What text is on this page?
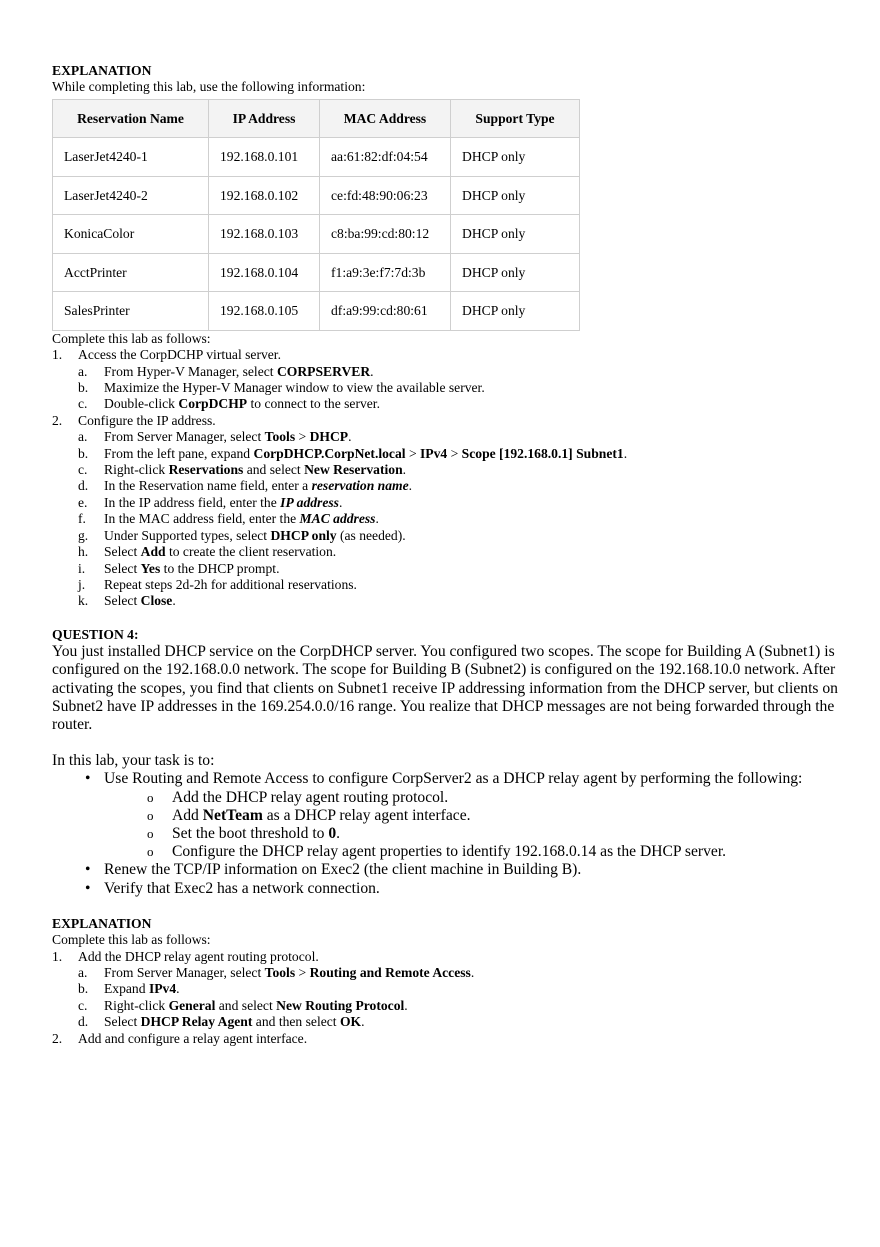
EXPLANATION
While completing this lab, use the following information:
Reservation Name	IP Address	MAC Address	Support Type
LaserJet4240-1	192.168.0.101	aa:61:82:df:04:54	DHCP only
LaserJet4240-2	192.168.0.102	ce:fd:48:90:06:23	DHCP only
KonicaColor	192.168.0.103	c8:ba:99:cd:80:12	DHCP only
AcctPrinter	192.168.0.104	f1:a9:3e:f7:7d:3b	DHCP only
SalesPrinter	192.168.0.105	df:a9:99:cd:80:61	DHCP only
Complete this lab as follows:
1. Access the CorpDCHP virtual server.
a. From Hyper-V Manager, select CORPSERVER.
b. Maximize the Hyper-V Manager window to view the available server.
c. Double-click CorpDCHP to connect to the server.
2. Configure the IP address.
a. From Server Manager, select Tools > DHCP.
b. From the left pane, expand CorpDHCP.CorpNet.local > IPv4 > Scope [192.168.0.1] Subnet1.
c. Right-click Reservations and select New Reservation.
d. In the Reservation name field, enter a reservation name.
e. In the IP address field, enter the IP address.
f. In the MAC address field, enter the MAC address.
g. Under Supported types, select DHCP only (as needed).
h. Select Add to create the client reservation.
i. Select Yes to the DHCP prompt.
j. Repeat steps 2d-2h for additional reservations.
k. Select Close.
QUESTION 4:
You just installed DHCP service on the CorpDHCP server. You configured two scopes. The scope for Building A (Subnet1) is configured on the 192.168.0.0 network. The scope for Building B (Subnet2) is configured on the 192.168.10.0 network. After activating the scopes, you find that clients on Subnet1 receive IP addressing information from the DHCP server, but clients on Subnet2 have IP addresses in the 169.254.0.0/16 range. You realize that DHCP messages are not being forwarded through the router.
In this lab, your task is to:
• Use Routing and Remote Access to configure CorpServer2 as a DHCP relay agent by performing the following:
o Add the DHCP relay agent routing protocol.
o Add NetTeam as a DHCP relay agent interface.
o Set the boot threshold to 0.
o Configure the DHCP relay agent properties to identify 192.168.0.14 as the DHCP server.
• Renew the TCP/IP information on Exec2 (the client machine in Building B).
• Verify that Exec2 has a network connection.
EXPLANATION
Complete this lab as follows:
1. Add the DHCP relay agent routing protocol.
a. From Server Manager, select Tools > Routing and Remote Access.
b. Expand IPv4.
c. Right-click General and select New Routing Protocol.
d. Select DHCP Relay Agent and then select OK.
2. Add and configure a relay agent interface.
